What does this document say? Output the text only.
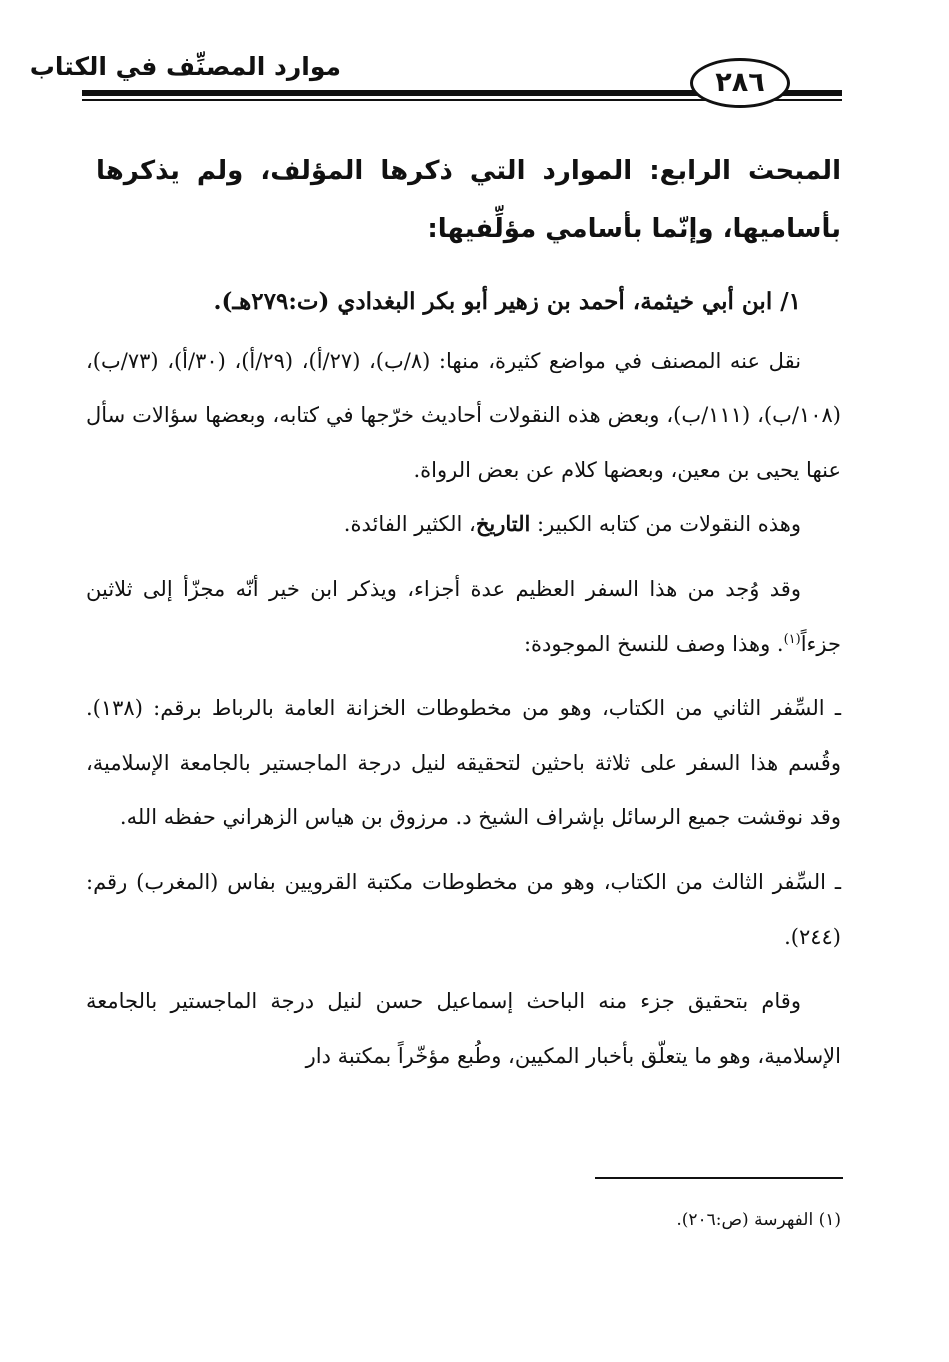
موارد المصنِّف في الكتاب
٢٨٦
المبحث الرابع: الموارد التي ذكرها المؤلف، ولم يذكرها بأساميها، وإنّما بأسامي مؤلِّفيها:

١/ ابن أبي خيثمة، أحمد بن زهير أبو بكر البغدادي (ت:٢٧٩هـ).

نقل عنه المصنف في مواضع كثيرة، منها: (٨/ب)، (٢٧/أ)، (٢٩/أ)، (٣٠/أ)، (٧٣/ب)، (١٠٨/ب)، (١١١/ب)، وبعض هذه النقولات أحاديث خرّجها في كتابه، وبعضها سؤالات سأل عنها يحيى بن معين، وبعضها كلام عن بعض الرواة.

وهذه النقولات من كتابه الكبير: التاريخ، الكثير الفائدة.

وقد وُجد من هذا السفر العظيم عدة أجزاء، ويذكر ابن خير أنّه مجزّأ إلى ثلاثين جزءاً$^{(١)}$. وهذا وصف للنسخ الموجودة:

ـ السِّفر الثاني من الكتاب، وهو من مخطوطات الخزانة العامة بالرباط برقم: (١٣٨). وقُسم هذا السفر على ثلاثة باحثين لتحقيقه لنيل درجة الماجستير بالجامعة الإسلامية، وقد نوقشت جميع الرسائل بإشراف الشيخ د. مرزوق بن هياس الزهراني حفظه الله.

ـ السِّفر الثالث من الكتاب، وهو من مخطوطات مكتبة القرويين بفاس (المغرب) رقم:(٢٤٤).

وقام بتحقيق جزء منه الباحث إسماعيل حسن لنيل درجة الماجستير بالجامعة الإسلامية، وهو ما يتعلّق بأخبار المكيين، وطُبع مؤخّراً بمكتبة دار

(١) الفهرسة (ص:٢٠٦).
